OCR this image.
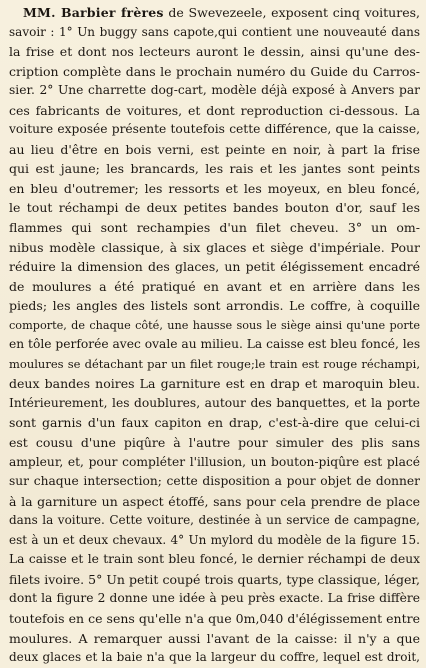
MM. Barbier frères de Swevezeele, exposent cinq voitures,
savoir : 1° Un buggy sans capote,qui contient une nouveauté dans
la frise et dont nos lecteurs auront le dessin, ainsi qu'une des-
cription complète dans le prochain numéro du Guide du Carros-
sier. 2° Une charrette dog-cart, modèle déjà exposé à Anvers par
ces fabricants de voitures, et dont reproduction ci-dessous. La
voiture exposée présente toutefois cette différence, que la caisse,
au lieu d'être en bois verni, est peinte en noir, à part la frise
qui est jaune; les brancards, les rais et les jantes sont peints
en bleu d'outremer; les ressorts et les moyeux, en bleu foncé,
le tout réchampi de deux petites bandes bouton d'or, sauf les
flammes qui sont rechampies d'un filet cheveu. 3° un om-
nibus modèle classique, à six glaces et siège d'impériale. Pour
réduire la dimension des glaces, un petit élégissement encadré
de moulures a été pratiqué en avant et en arrière dans les
pieds; les angles des listels sont arrondis. Le coffre, à coquille
comporte, de chaque côté, une hausse sous le siège ainsi qu'une porte
en tôle perforée avec ovale au milieu. La caisse est bleu foncé, les
moulures se détachant par un filet rouge;le train est rouge réchampi,
deux bandes noires La garniture est en drap et maroquin bleu.
Intérieurement, les doublures, autour des banquettes, et la porte
sont garnis d'un faux capiton en drap, c'est-à-dire que celui-ci
est cousu d'une piqûre à l'autre pour simuler des plis sans
ampleur, et, pour compléter l'illusion, un bouton-piqûre est placé
sur chaque intersection; cette disposition a pour objet de donner
à la garniture un aspect étoffé, sans pour cela prendre de place
dans la voiture. Cette voiture, destinée à un service de campagne,
est à un et deux chevaux. 4° Un mylord du modèle de la figure 15.
La caisse et le train sont bleu foncé, le dernier réchampi de deux
filets ivoire. 5° Un petit coupé trois quarts, type classique, léger,
dont la figure 2 donne une idée à peu près exacte. La frise diffère
toutefois en ce sens qu'elle n'a que 0m,040 d'élégissement entre
moulures. A remarquer aussi l'avant de la caisse: il n'y a que
deux glaces et la baie n'a que la largeur du coffre, lequel est droit,
